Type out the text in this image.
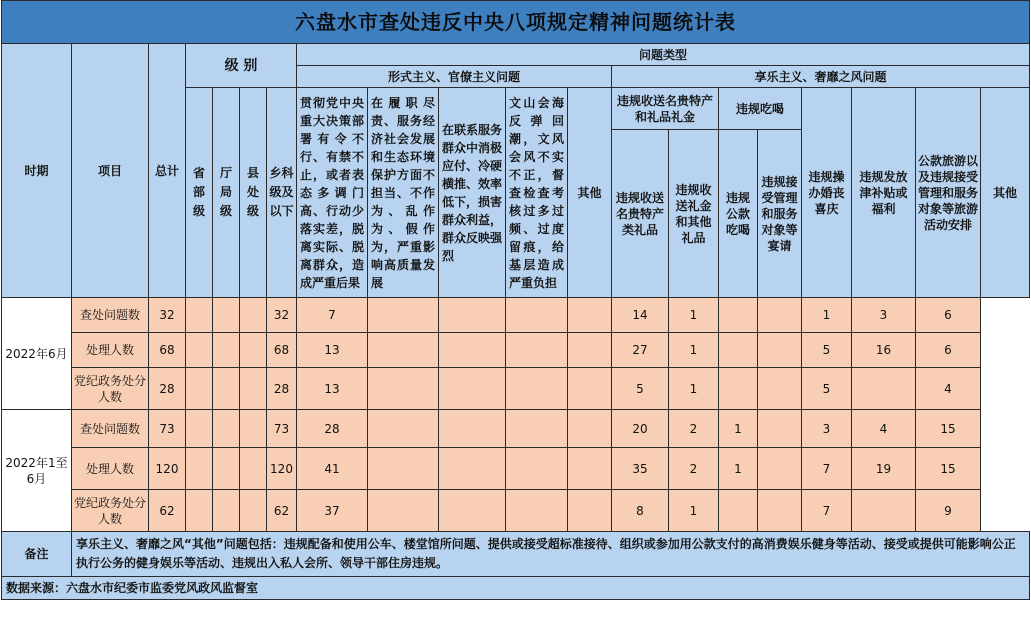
六盘水市查处违反中央八项规定精神问题统计表																			
时期	项目	总计	级 别				问题类型												
							形式主义、官僚主义问题					享乐主义、奢靡之风问题							
			省部级	厅局级	县处级	乡科级及以下	贯彻党中央重大决策部署有令不行、有禁不止，或者表态多调门高、行动少落实差，脱离实际、脱离群众，造成严重后果	在履职尽责、服务经济社会发展和生态环境保护方面不担当、不作为、乱作为、假作为，严重影响高质量发展	在联系服务群众中消极应付、冷硬横推、效率低下，损害群众利益，群众反映强烈	文山会海反弹回潮，文风会风不实不正，督查检查考核过多过频、过度留痕，给基层造成严重负担	其他	违规收送名贵特产和礼品礼金		违规吃喝		违规操办婚丧喜庆	违规发放津补贴或福利	公款旅游以及违规接受管理和服务对象等旅游活动安排	其他

												违规收送名贵特产类礼品	违规收送礼金和其他礼品	违规公款吃喝	违规接受管理和服务对象等宴请				
2022年6月	查处问题数	32				32	7					14	1			1	3	6	
	处理人数	68				68	13					27	1			5	16	6	
	党纪政务处分人数	28				28	13					5	1			5		4	
2022年1至6月	查处问题数	73				73	28					20	2	1		3	4	15	
	处理人数	120				120	41					35	2	1		7	19	15	
	党纪政务处分人数	62				62	37					8	1			7		9	
备注	享乐主义、奢靡之风“其他”问题包括：违规配备和使用公车、楼堂馆所问题、提供或接受超标准接待、组织或参加用公款支付的高消费娱乐健身等活动、接受或提供可能影响公正执行公务的健身娱乐等活动、违规出入私人会所、领导干部住房违规。																		
数据来源：六盘水市纪委市监委党风政风监督室																			
